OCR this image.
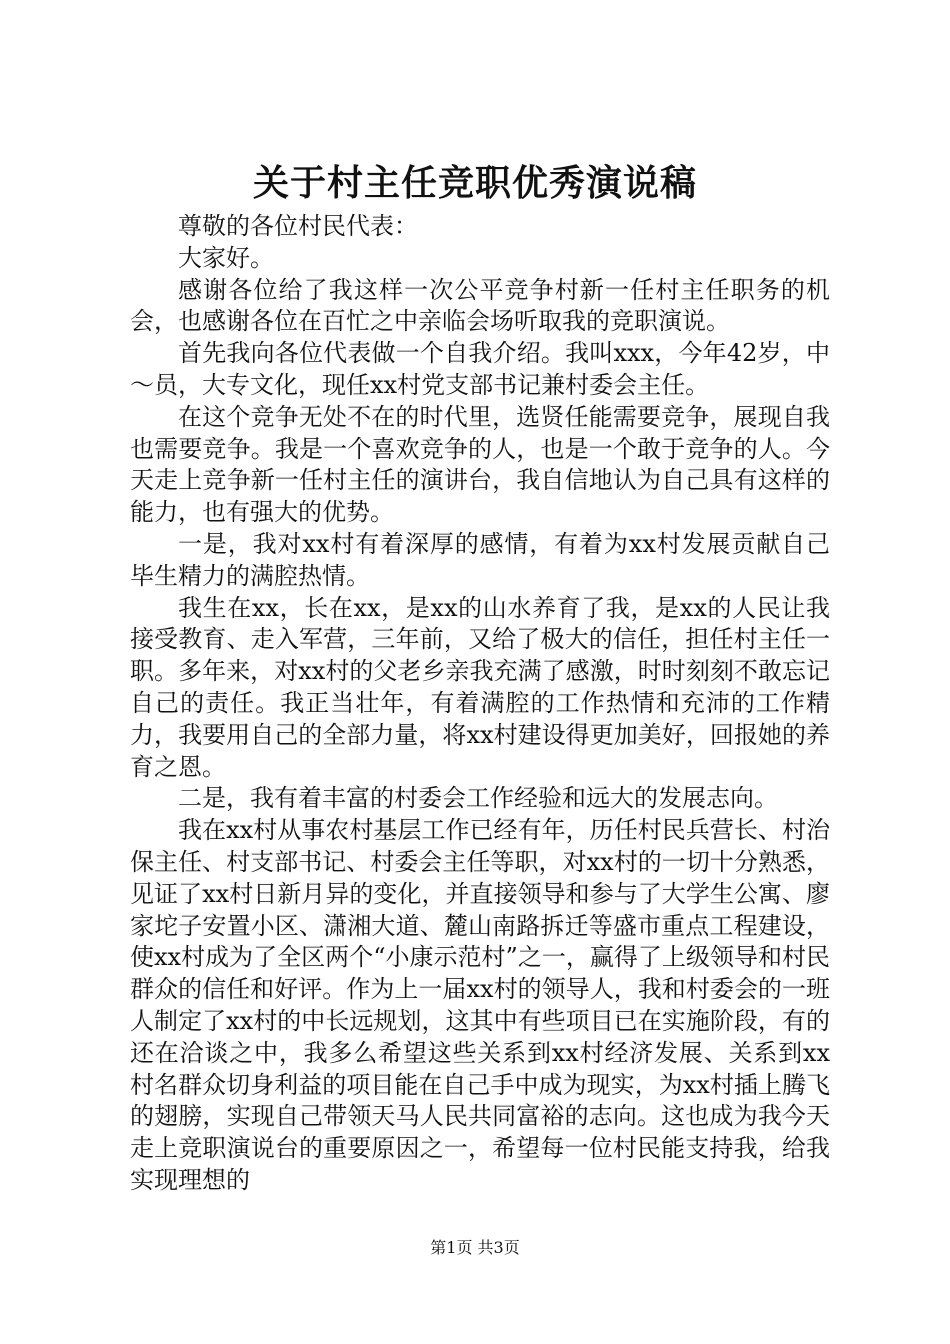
关于村主任竞职优秀演说稿

尊敬的各位村民代表：

大家好。

感谢各位给了我这样一次公平竞争村新一任村主任职务的机会，也感谢各位在百忙之中亲临会场听取我的竞职演说。

首先我向各位代表做一个自我介绍。我叫xxx，今年42岁，中～员，大专文化，现任xx村党支部书记兼村委会主任。

在这个竞争无处不在的时代里，选贤任能需要竞争，展现自我也需要竞争。我是一个喜欢竞争的人，也是一个敢于竞争的人。今天走上竞争新一任村主任的演讲台，我自信地认为自己具有这样的能力，也有强大的优势。

一是，我对xx村有着深厚的感情，有着为xx村发展贡献自己毕生精力的满腔热情。

我生在xx，长在xx，是xx的山水养育了我，是xx的人民让我接受教育、走入军营，三年前，又给了极大的信任，担任村主任一职。多年来，对xx村的父老乡亲我充满了感激，时时刻刻不敢忘记自己的责任。我正当壮年，有着满腔的工作热情和充沛的工作精力，我要用自己的全部力量，将xx村建设得更加美好，回报她的养育之恩。

二是，我有着丰富的村委会工作经验和远大的发展志向。

我在xx村从事农村基层工作已经有年，历任村民兵营长、村治保主任、村支部书记、村委会主任等职，对xx村的一切十分熟悉，见证了xx村日新月异的变化，并直接领导和参与了大学生公寓、廖家坨子安置小区、潇湘大道、麓山南路拆迁等盛市重点工程建设，使xx村成为了全区两个“小康示范村”之一，赢得了上级领导和村民群众的信任和好评。作为上一届xx村的领导人，我和村委会的一班人制定了xx村的中长远规划，这其中有些项目已在实施阶段，有的还在洽谈之中，我多么希望这些关系到xx村经济发展、关系到xx村名群众切身利益的项目能在自己手中成为现实，为xx村插上腾飞的翅膀，实现自己带领天马人民共同富裕的志向。这也成为我今天走上竞职演说台的重要原因之一，希望每一位村民能支持我，给我实现理想的

第1页 共3页
